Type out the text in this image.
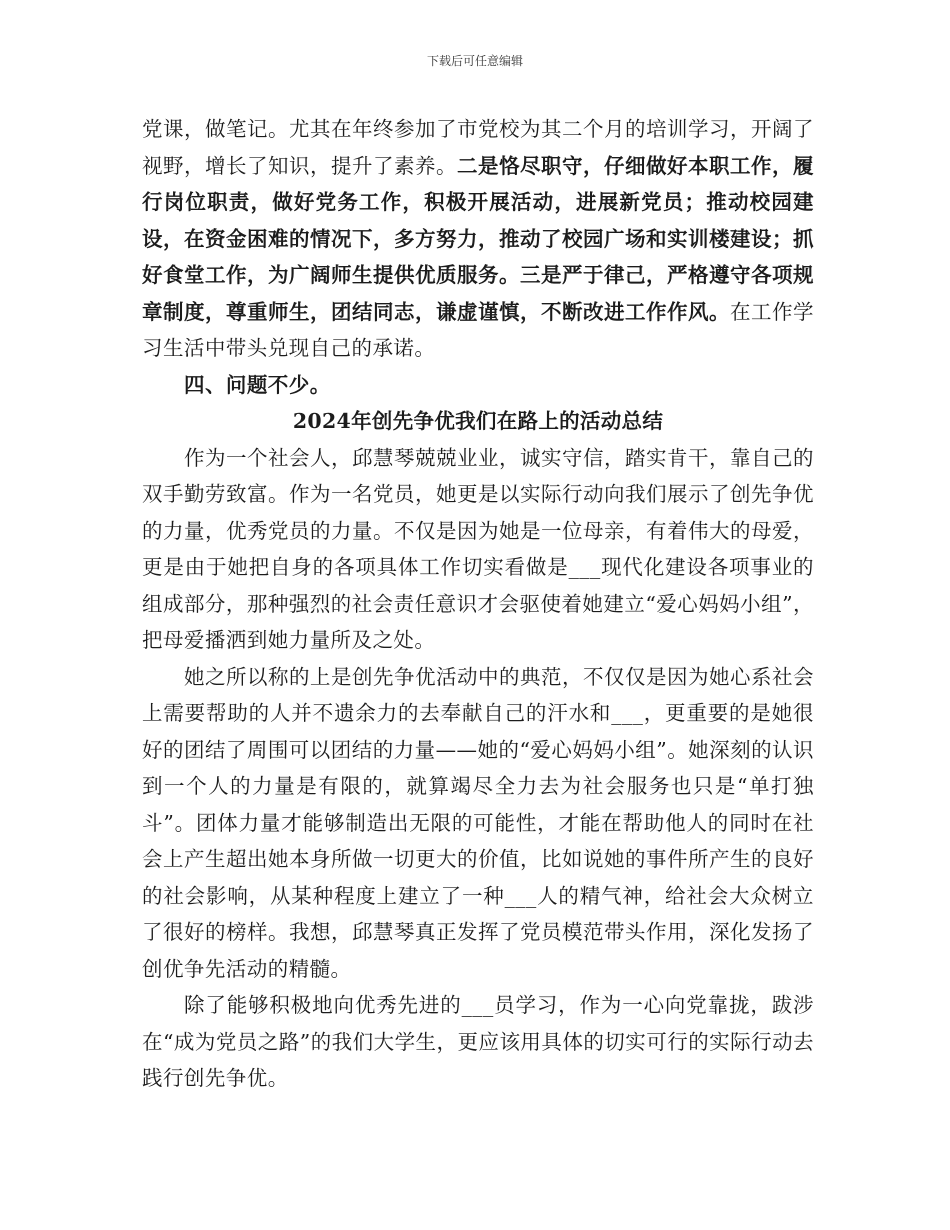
下载后可任意编辑

党课，做笔记。尤其在年终参加了市党校为其二个月的培训学习，开阔了视野，增长了知识，提升了素养。二是恪尽职守，仔细做好本职工作，履行岗位职责，做好党务工作，积极开展活动，进展新党员；推动校园建设，在资金困难的情况下，多方努力，推动了校园广场和实训楼建设；抓好食堂工作，为广阔师生提供优质服务。三是严于律己，严格遵守各项规章制度，尊重师生，团结同志，谦虚谨慎，不断改进工作作风。在工作学习生活中带头兑现自己的承诺。

四、问题不少。

2024年创先争优我们在路上的活动总结

作为一个社会人，邱慧琴兢兢业业，诚实守信，踏实肯干，靠自己的双手勤劳致富。作为一名党员，她更是以实际行动向我们展示了创先争优的力量，优秀党员的力量。不仅是因为她是一位母亲，有着伟大的母爱，更是由于她把自身的各项具体工作切实看做是___现代化建设各项事业的组成部分，那种强烈的社会责任意识才会驱使着她建立“爱心妈妈小组”，把母爱播洒到她力量所及之处。

她之所以称的上是创先争优活动中的典范，不仅仅是因为她心系社会上需要帮助的人并不遗余力的去奉献自己的汗水和___，更重要的是她很好的团结了周围可以团结的力量——她的“爱心妈妈小组”。她深刻的认识到一个人的力量是有限的，就算竭尽全力去为社会服务也只是“单打独斗”。团体力量才能够制造出无限的可能性，才能在帮助他人的同时在社会上产生超出她本身所做一切更大的价值，比如说她的事件所产生的良好的社会影响，从某种程度上建立了一种___人的精气神，给社会大众树立了很好的榜样。我想，邱慧琴真正发挥了党员模范带头作用，深化发扬了创优争先活动的精髓。

除了能够积极地向优秀先进的___员学习，作为一心向党靠拢，跋涉在“成为党员之路”的我们大学生，更应该用具体的切实可行的实际行动去践行创先争优。
